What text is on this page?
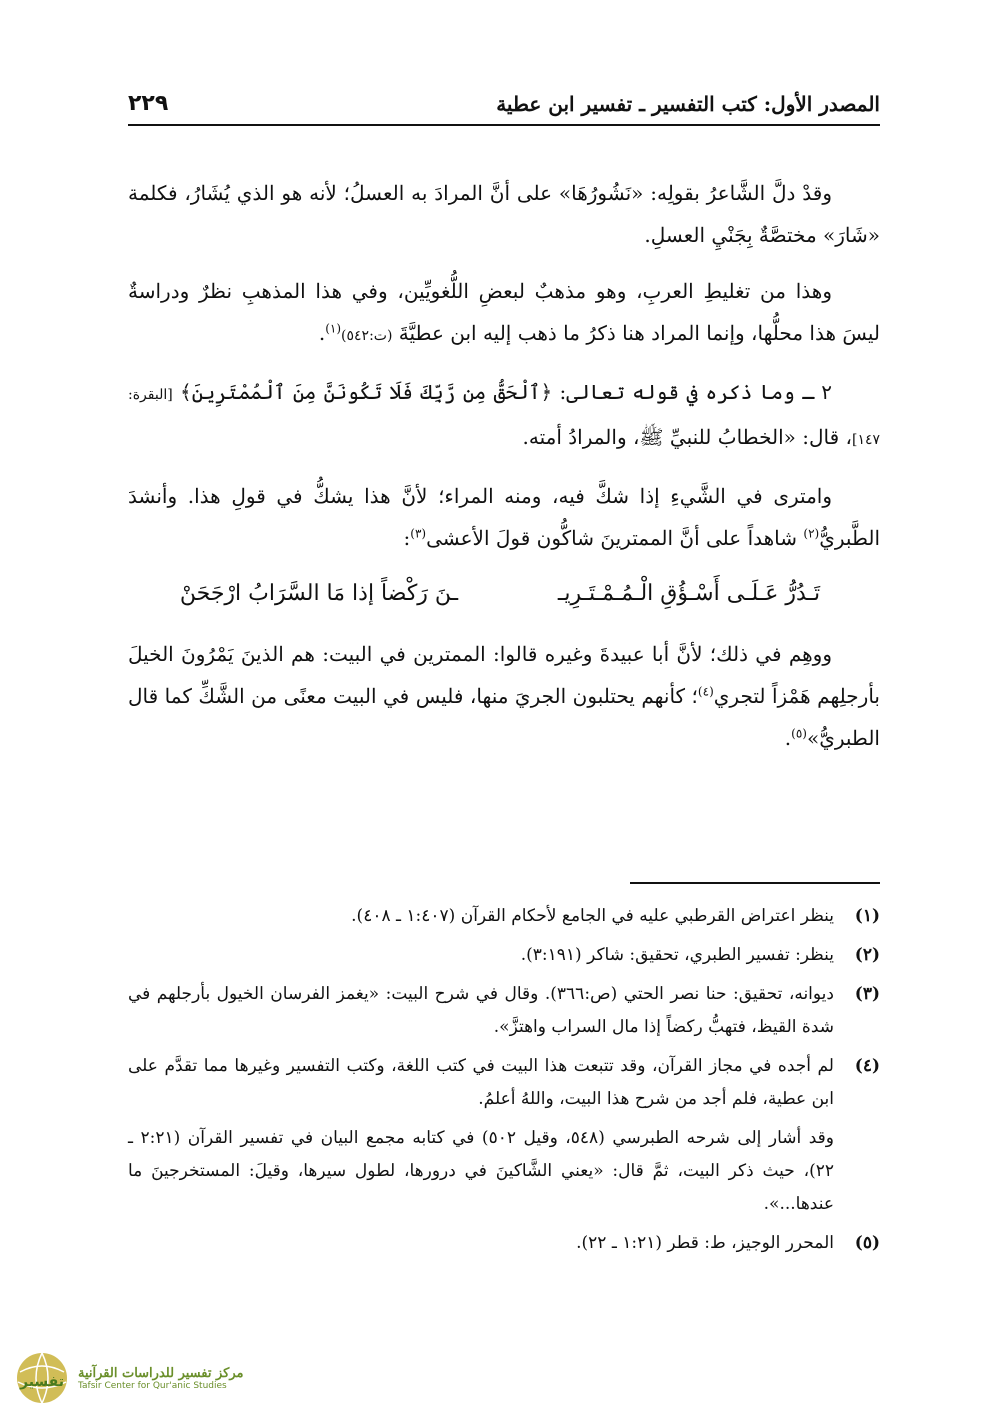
المصدر الأول: كتب التفسير ـ تفسير ابن عطية
٢٢٩

وقدْ دلَّ الشَّاعرُ بقولِه: «نَشُورُهَا» على أنَّ المرادَ به العسلُ؛ لأنه هو الذي يُشَارُ، فكلمة «شَارَ» مختصَّةٌ بِجَنْيِ العسلِ.

وهذا من تغليطِ العربِ، وهو مذهبٌ لبعضِ اللُّغويِّين، وفي هذا المذهبِ نظرٌ ودراسةٌ ليسَ هذا محلُّها، وإنما المراد هنا ذكرُ ما ذهب إليه ابن عطيَّةَ (ت:٥٤٢)$^{(١)}$.

٢ ـ وما ذكره في قوله تعالى: ﴿ٱلْحَقُّ مِن رَّبِّكَ فَلَا تَكُونَنَّ مِنَ ٱلْمُمْتَرِينَ﴾ [البقرة: ١٤٧]، قال: «الخطابُ للنبيِّ ﷺ، والمرادُ أمته.

وامترى في الشَّيءِ إذا شكَّ فيه، ومنه المراء؛ لأنَّ هذا يشكُّ في قولِ هذا. وأنشدَ الطَّبريُّ$^{(٢)}$ شاهداً على أنَّ الممترينَ شاكُّون قولَ الأعشى$^{(٣)}$:

تَـدُرُّ عَـلَـى أَسْـؤُقِ الْـمُـمْـتَـرِيـ
ـنَ رَكْضاً إذا مَا السَّرَابُ ارْجَحَنْ

ووهِم في ذلك؛ لأنَّ أبا عبيدةَ وغيره قالوا: الممترين في البيت: هم الذينَ يَمْرُونَ الخيلَ بأرجلِهم هَمْزاً لتجري$^{(٤)}$؛ كأنهم يحتلبون الجريَ منها، فليس في البيت معنًى من الشَّكِّ كما قال الطبريُّ»$^{(٥)}$.

(١)
ينظر اعتراض القرطبي عليه في الجامع لأحكام القرآن (١:٤٠٧ ـ ٤٠٨).
(٢)
ينظر: تفسير الطبري، تحقيق: شاكر (٣:١٩١).
(٣)
ديوانه، تحقيق: حنا نصر الحتي (ص:٣٦٦). وقال في شرح البيت: «يغمز الفرسان الخيول بأرجلهم في شدة القيظ، فتهبُّ ركضاً إذا مال السراب واهتزَّ».
(٤)
لم أجده في مجاز القرآن، وقد تتبعت هذا البيت في كتب اللغة، وكتب التفسير وغيرها مما تقدَّم على ابن عطية، فلم أجد من شرح هذا البيت، واللهُ أعلمُ.
وقد أشار إلى شرحه الطبرسي (٥٤٨، وقيل ٥٠٢) في كتابه مجمع البيان في تفسير القرآن (٢:٢١ ـ ٢٢)، حيث ذكر البيت، ثمَّ قال: «يعني الشَّاكينَ في درورها، لطول سيرها، وقيلَ: المستخرجينَ ما عندها...».
(٥)
المحرر الوجيز، ط: قطر (١:٢١ ـ ٢٢).
تفسير
مركز تفسير للدراسات القرآنية
Tafsir Center for Qur'anic Studies
